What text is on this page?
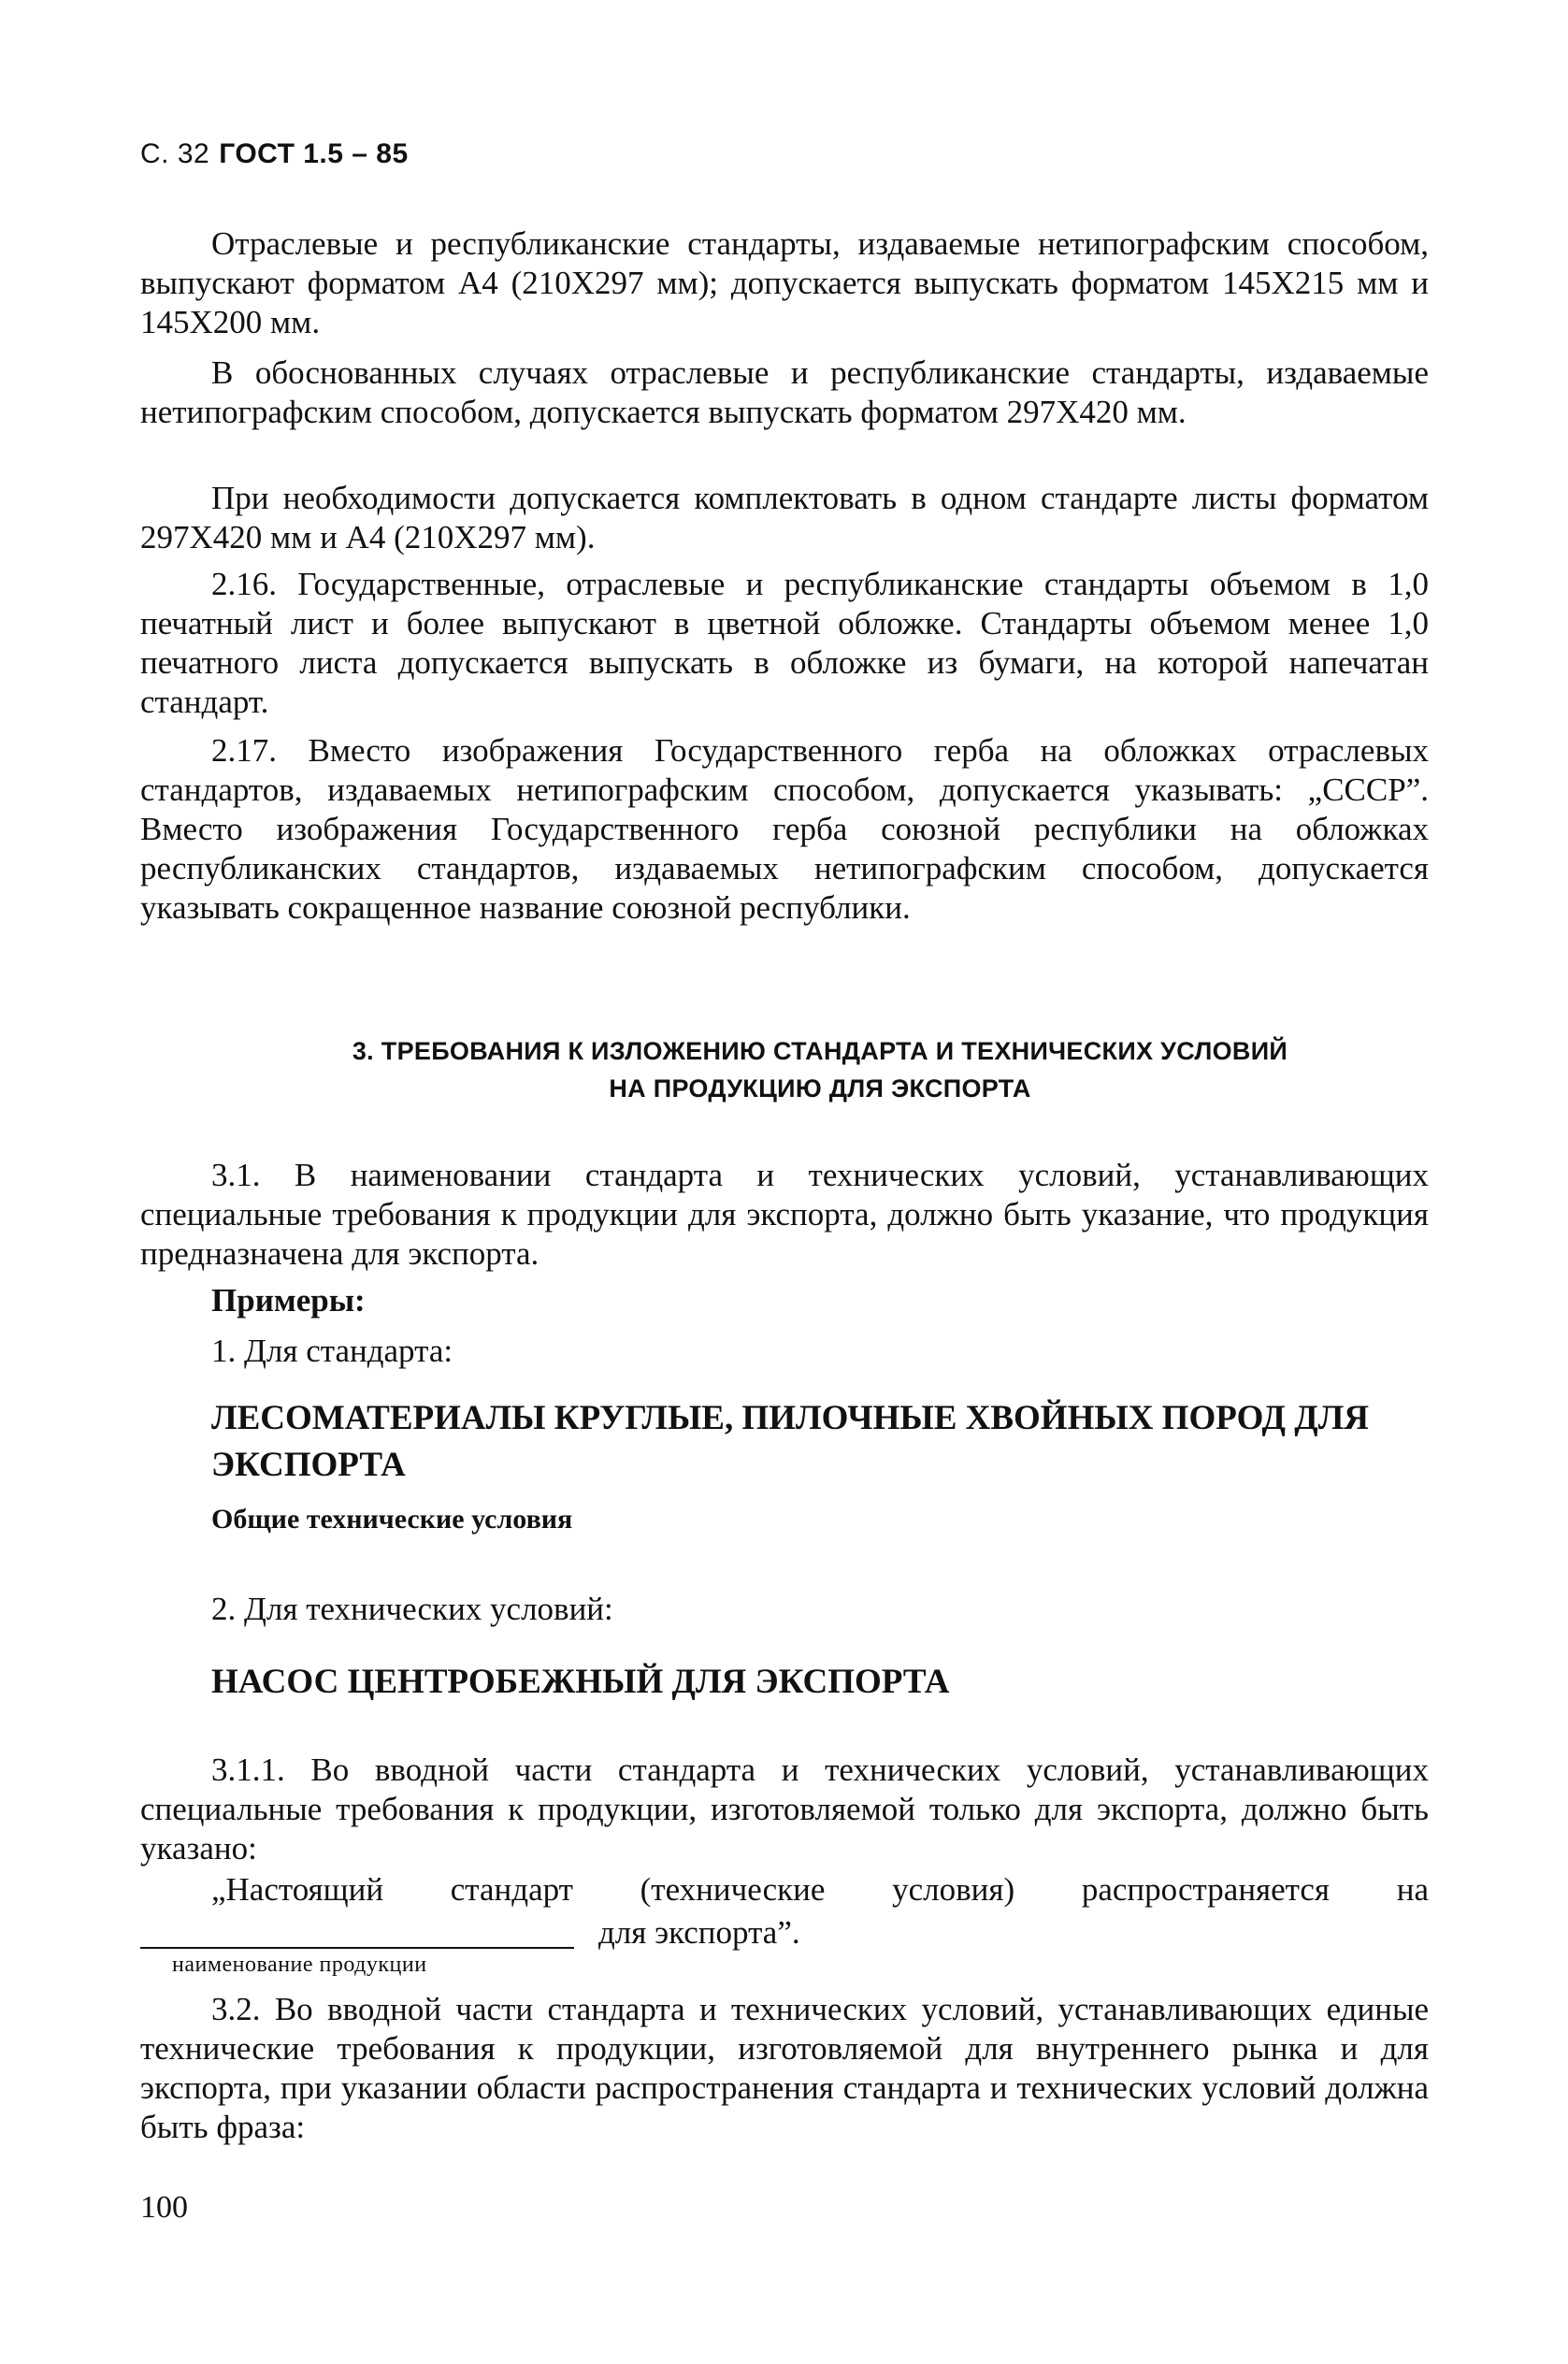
С. 32 ГОСТ 1.5 – 85

Отраслевые и республиканские стандарты, издаваемые нетипографским способом, выпускают форматом А4 (210Х297 мм); допускается выпускать форматом 145Х215 мм и 145Х200 мм.

В обоснованных случаях отраслевые и республиканские стандарты, издаваемые нетипографским способом, допускается выпускать форматом 297Х420 мм.

При необходимости допускается комплектовать в одном стандарте листы форматом 297Х420 мм и А4 (210Х297 мм).

2.16. Государственные, отраслевые и республиканские стандарты объемом в 1,0 печатный лист и более выпускают в цветной обложке. Стандарты объемом менее 1,0 печатного листа допускается выпускать в обложке из бумаги, на которой напечатан стандарт.

2.17. Вместо изображения Государственного герба на обложках отраслевых стандартов, издаваемых нетипографским способом, допускается указывать: „СССР”. Вместо изображения Государственного герба союзной республики на обложках республиканских стандартов, издаваемых нетипографским способом, допускается указывать сокращенное название союзной республики.

3. ТРЕБОВАНИЯ К ИЗЛОЖЕНИЮ СТАНДАРТА И ТЕХНИЧЕСКИХ УСЛОВИЙ
НА ПРОДУКЦИЮ ДЛЯ ЭКСПОРТА

3.1. В наименовании стандарта и технических условий, устанавливающих специальные требования к продукции для экспорта, должно быть указание, что продукция предназначена для экспорта.

Примеры:
1. Для стандарта:
ЛЕСОМАТЕРИАЛЫ КРУГЛЫЕ, ПИЛОЧНЫЕ ХВОЙНЫХ ПОРОД ДЛЯ ЭКСПОРТА
Общие технические условия
2. Для технических условий:
НАСОС ЦЕНТРОБЕЖНЫЙ ДЛЯ ЭКСПОРТА

3.1.1. Во вводной части стандарта и технических условий, устанавливающих специальные требования к продукции, изготовляемой только для экспорта, должно быть указано:

„Настоящий стандарт (технические условия) распространяется на
для экспорта”.
наименование продукции

3.2. Во вводной части стандарта и технических условий, устанавливающих единые технические требования к продукции, изготовляемой для внутреннего рынка и для экспорта, при указании области распространения стандарта и технических условий должна быть фраза:

100
